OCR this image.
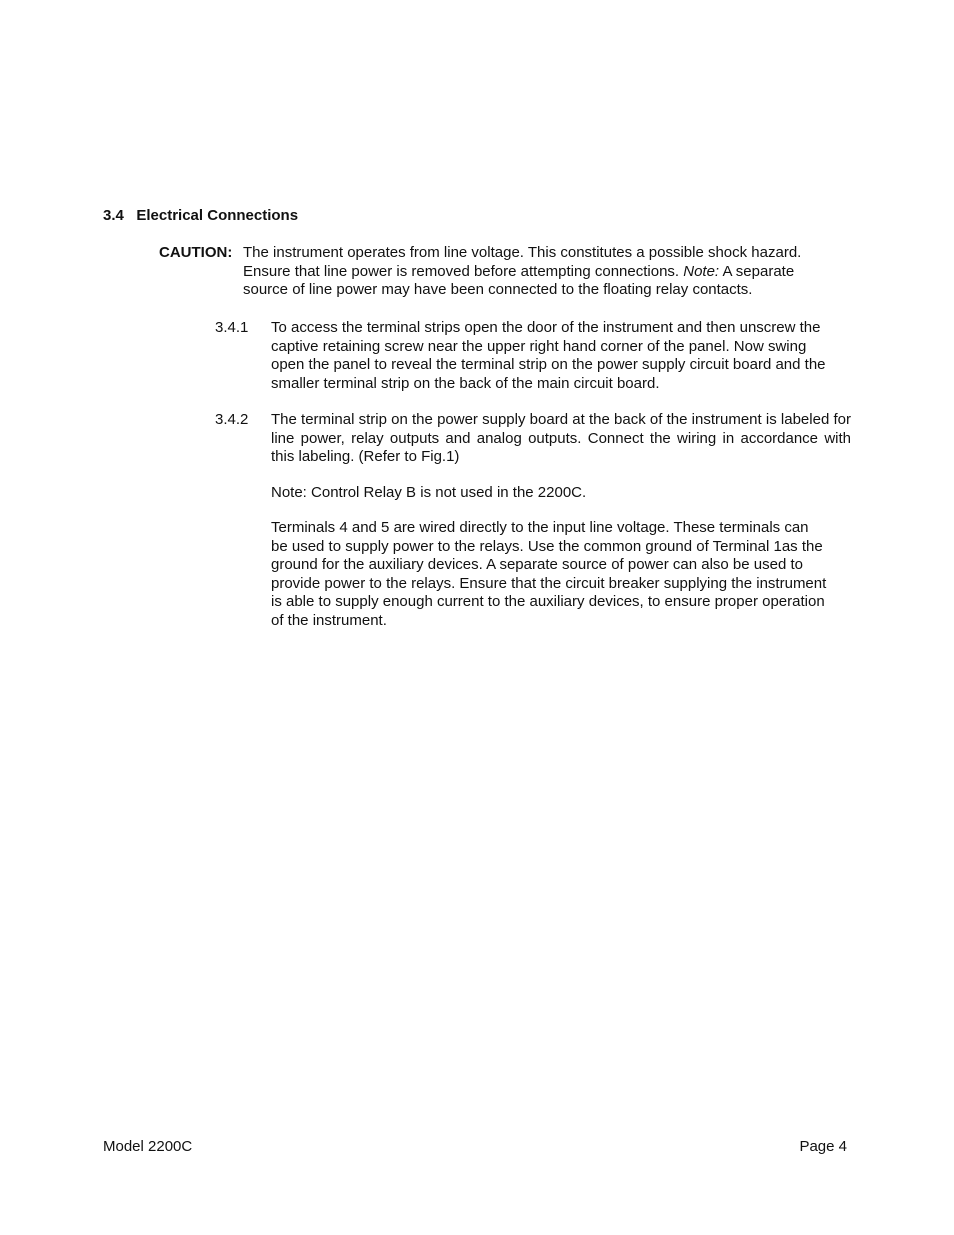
3.4   Electrical Connections
CAUTION: The instrument operates from line voltage. This constitutes a possible shock hazard.
Ensure that line power is removed before attempting connections. Note: A separate
source of line power may have been connected to the floating relay contacts.
3.4.1 To access the terminal strips open the door of the instrument and then unscrew the
captive retaining screw near the upper right hand corner of the panel. Now swing
open the panel to reveal the terminal strip on the power supply circuit board and the
smaller terminal strip on the back of the main circuit board.
3.4.2 The terminal strip on the power supply board at the back of the instrument is labeled for line power, relay outputs and analog outputs. Connect the wiring in accordance with this labeling. (Refer to Fig.1)
Note: Control Relay B is not used in the 2200C.
Terminals 4 and 5 are wired directly to the input line voltage. These terminals can
be used to supply power to the relays. Use the common ground of Terminal 1as the
ground for the auxiliary devices. A separate source of power can also be used to
provide power to the relays. Ensure that the circuit breaker supplying the instrument
is able to supply enough current to the auxiliary devices, to ensure proper operation
of the instrument.
Model 2200C	Page 4
